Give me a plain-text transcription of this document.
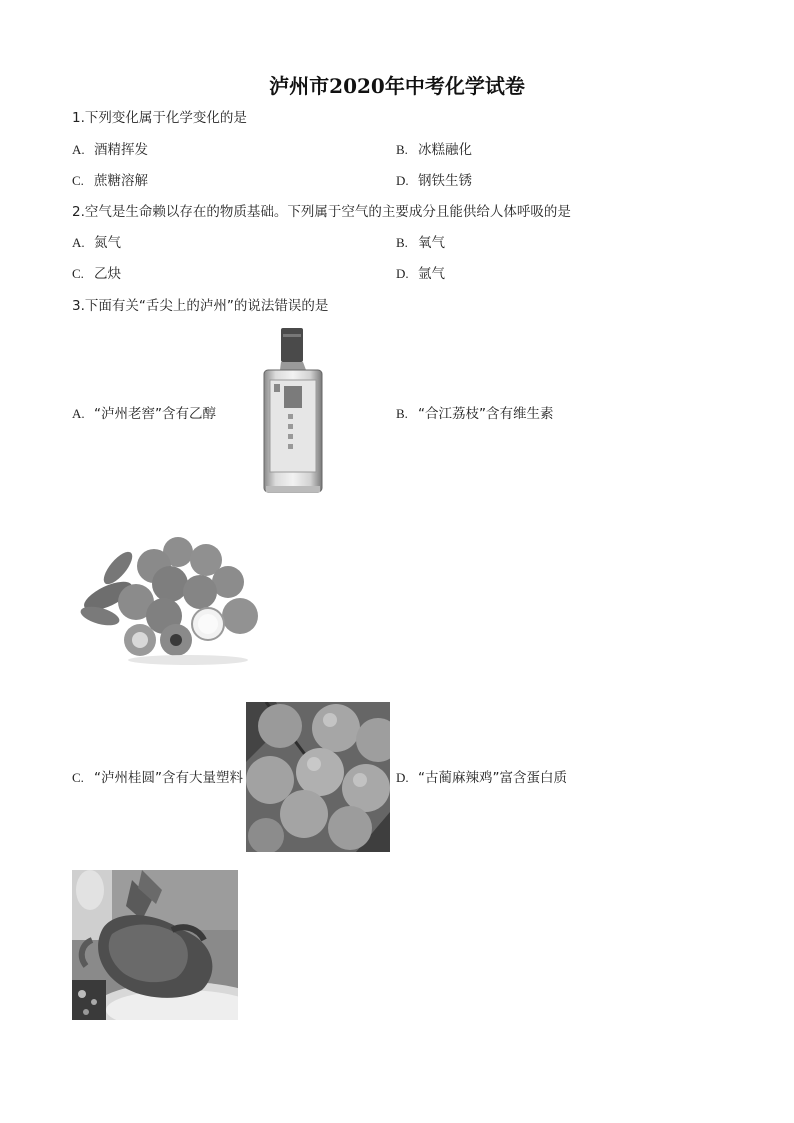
泸州市2020年中考化学试卷
1.下列变化属于化学变化的是
A. 酒精挥发	B. 冰糕融化
C. 蔗糖溶解	D. 钢铁生锈
2.空气是生命赖以存在的物质基础。下列属于空气的主要成分且能供给人体呼吸的是
A. 氮气	B. 氧气
C. 乙炔	D. 氩气
3.下面有关“舌尖上的泸州”的说法错误的是
A. “泸州老窖”含有乙醇	B. “合江荔枝”含有维生素
C. “泸州桂圆”含有大量塑料	D. “古蔺麻辣鸡”富含蛋白质
